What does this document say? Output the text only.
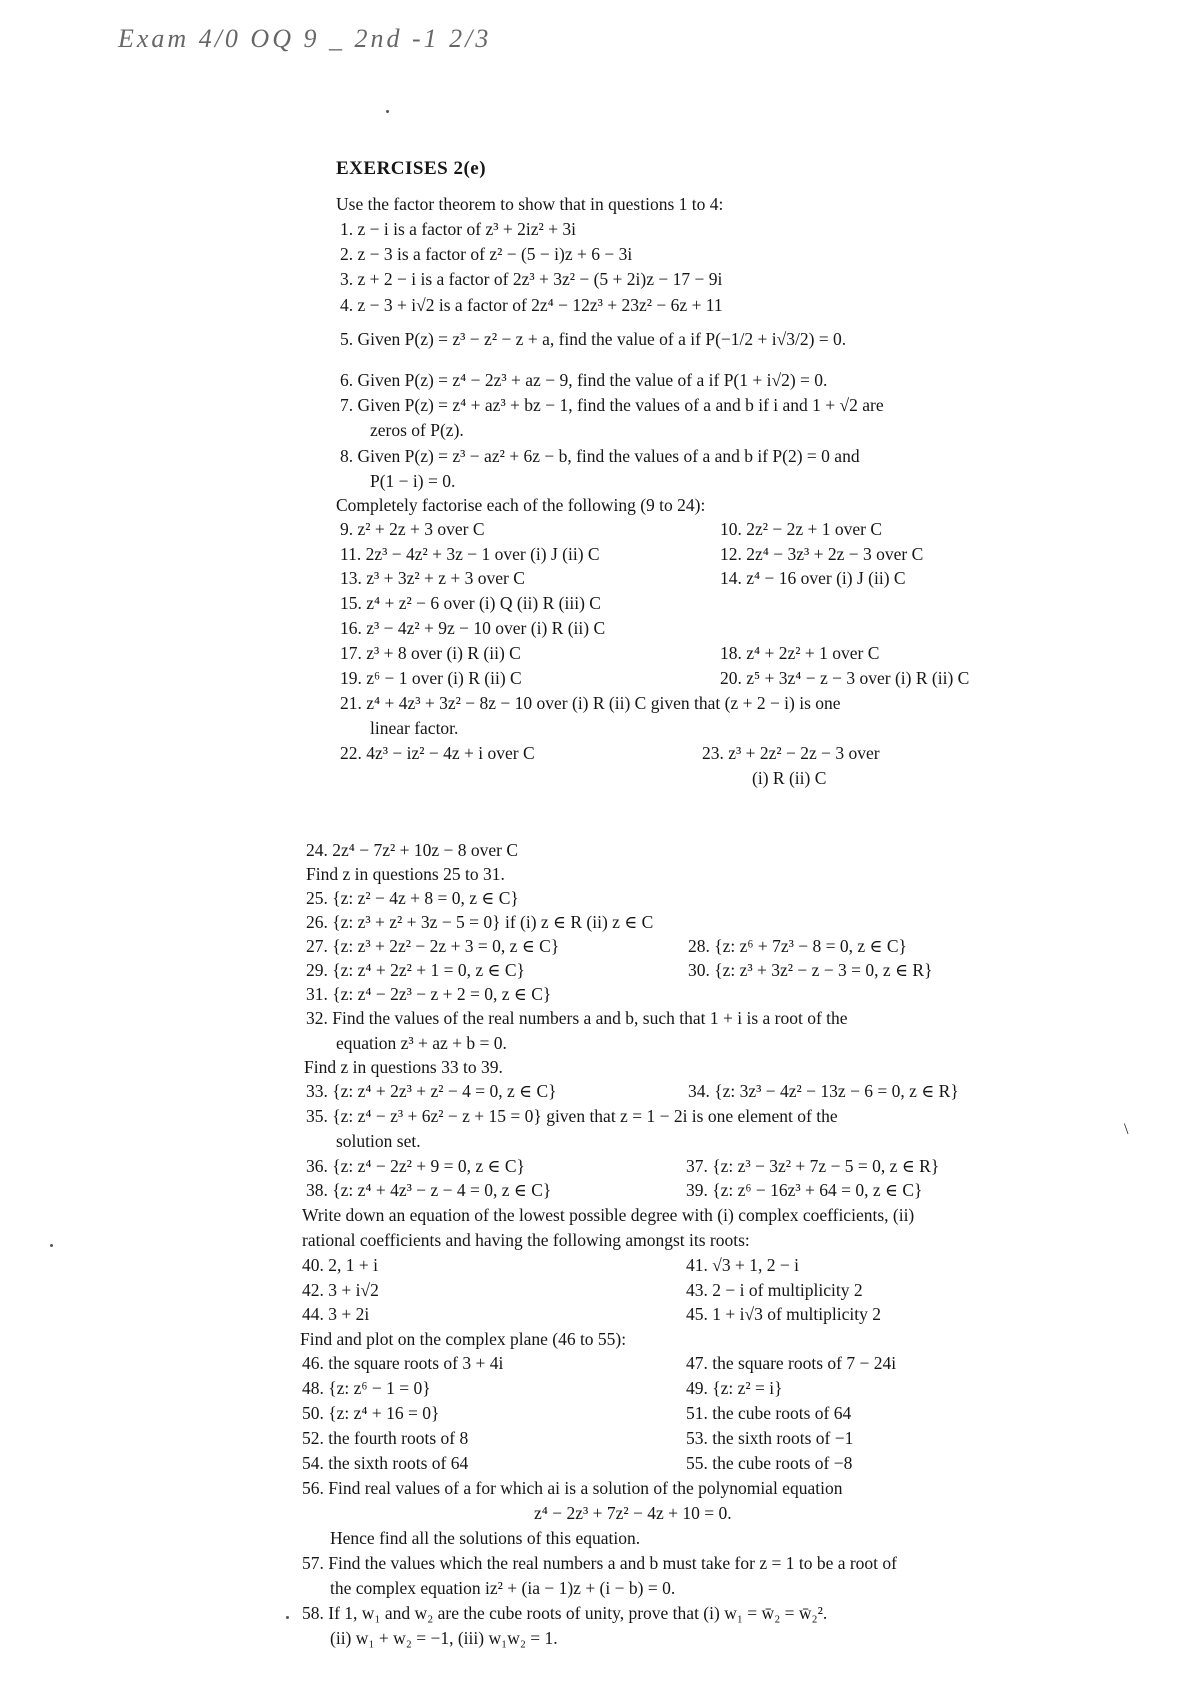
Exam 4/0 OQ 9 _ 2nd -1 2/3
\
EXERCISES 2(e)
Use the factor theorem to show that in questions 1 to 4:
1. z − i is a factor of z³ + 2iz² + 3i
2. z − 3 is a factor of z² − (5 − i)z + 6 − 3i
3. z + 2 − i is a factor of 2z³ + 3z² − (5 + 2i)z − 17 − 9i
4. z − 3 + i√2 is a factor of 2z⁴ − 12z³ + 23z² − 6z + 11
5. Given P(z) = z³ − z² − z + a, find the value of a if P(−1/2 + i√3/2) = 0.
6. Given P(z) = z⁴ − 2z³ + az − 9, find the value of a if P(1 + i√2) = 0.
7. Given P(z) = z⁴ + az³ + bz − 1, find the values of a and b if i and 1 + √2 are
zeros of P(z).
8. Given P(z) = z³ − az² + 6z − b, find the values of a and b if P(2) = 0 and
P(1 − i) = 0.
Completely factorise each of the following (9 to 24):
9. z² + 2z + 3 over C	10. 2z² − 2z + 1 over C
11. 2z³ − 4z² + 3z − 1 over (i) J (ii) C	12. 2z⁴ − 3z³ + 2z − 3 over C
13. z³ + 3z² + z + 3 over C	14. z⁴ − 16 over (i) J (ii) C
15. z⁴ + z² − 6 over (i) Q (ii) R (iii) C
16. z³ − 4z² + 9z − 10 over (i) R (ii) C
17. z³ + 8 over (i) R (ii) C	18. z⁴ + 2z² + 1 over C
19. z⁶ − 1 over (i) R (ii) C	20. z⁵ + 3z⁴ − z − 3 over (i) R (ii) C
21. z⁴ + 4z³ + 3z² − 8z − 10 over (i) R (ii) C given that (z + 2 − i) is one
linear factor.
22. 4z³ − iz² − 4z + i over C	23. z³ + 2z² − 2z − 3 over
(i) R (ii) C
24. 2z⁴ − 7z² + 10z − 8 over C
Find z in questions 25 to 31.
25. {z: z² − 4z + 8 = 0, z ∈ C}
26. {z: z³ + z² + 3z − 5 = 0} if (i) z ∈ R (ii) z ∈ C
27. {z: z³ + 2z² − 2z + 3 = 0, z ∈ C}	28. {z: z⁶ + 7z³ − 8 = 0, z ∈ C}
29. {z: z⁴ + 2z² + 1 = 0, z ∈ C}	30. {z: z³ + 3z² − z − 3 = 0, z ∈ R}
31. {z: z⁴ − 2z³ − z + 2 = 0, z ∈ C}
32. Find the values of the real numbers a and b, such that 1 + i is a root of the
equation z³ + az + b = 0.
Find z in questions 33 to 39.
33. {z: z⁴ + 2z³ + z² − 4 = 0, z ∈ C}	34. {z: 3z³ − 4z² − 13z − 6 = 0, z ∈ R}
35. {z: z⁴ − z³ + 6z² − z + 15 = 0} given that z = 1 − 2i is one element of the
solution set.
36. {z: z⁴ − 2z² + 9 = 0, z ∈ C}	37. {z: z³ − 3z² + 7z − 5 = 0, z ∈ R}
38. {z: z⁴ + 4z³ − z − 4 = 0, z ∈ C}	39. {z: z⁶ − 16z³ + 64 = 0, z ∈ C}
Write down an equation of the lowest possible degree with (i) complex coefficients, (ii)
rational coefficients and having the following amongst its roots:
40. 2, 1 + i	41. √3 + 1, 2 − i
42. 3 + i√2	43. 2 − i of multiplicity 2
44. 3 + 2i	45. 1 + i√3 of multiplicity 2
Find and plot on the complex plane (46 to 55):
46. the square roots of 3 + 4i	47. the square roots of 7 − 24i
48. {z: z⁶ − 1 = 0}	49. {z: z² = i}
50. {z: z⁴ + 16 = 0}	51. the cube roots of 64
52. the fourth roots of 8	53. the sixth roots of −1
54. the sixth roots of 64	55. the cube roots of −8
56. Find real values of a for which ai is a solution of the polynomial equation
z⁴ − 2z³ + 7z² − 4z + 10 = 0.
Hence find all the solutions of this equation.
57. Find the values which the real numbers a and b must take for z = 1 to be a root of
the complex equation iz² + (ia − 1)z + (i − b) = 0.
58. If 1, w₁ and w₂ are the cube roots of unity, prove that (i) w₁ = w̄₂ = w̄₂².
(ii) w₁ + w₂ = −1, (iii) w₁w₂ = 1.
